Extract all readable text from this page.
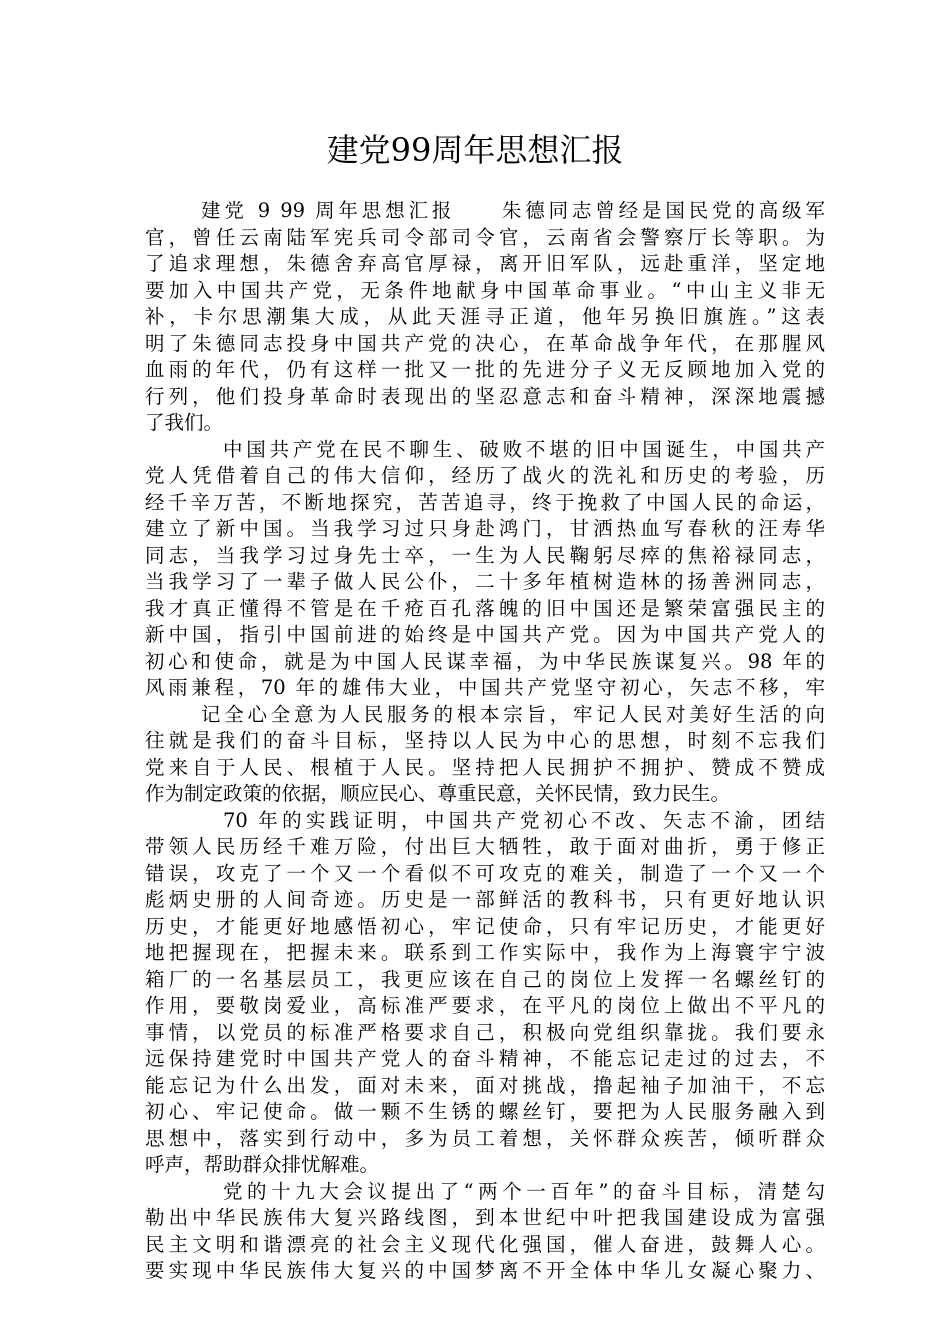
建党99周年思想汇报
建党 9 99 周年思想汇报　　朱德同志曾经是国民党的高级军
官，曾任云南陆军宪兵司令部司令官，云南省会警察厅长等职。为
了追求理想，朱德舍弃高官厚禄，离开旧军队，远赴重洋，坚定地
要加入中国共产党，无条件地献身中国革命事业。“中山主义非无
补，卡尔思潮集大成，从此天涯寻正道，他年另换旧旗旌。”这表
明了朱德同志投身中国共产党的决心，在革命战争年代，在那腥风
血雨的年代，仍有这样一批又一批的先进分子义无反顾地加入党的
行列，他们投身革命时表现出的坚忍意志和奋斗精神，深深地震撼
了我们。
中国共产党在民不聊生、破败不堪的旧中国诞生，中国共产
党人凭借着自己的伟大信仰，经历了战火的洗礼和历史的考验，历
经千辛万苦，不断地探究，苦苦追寻，终于挽救了中国人民的命运，
建立了新中国。当我学习过只身赴鸿门，甘洒热血写春秋的汪寿华
同志，当我学习过身先士卒，一生为人民鞠躬尽瘁的焦裕禄同志，
当我学习了一辈子做人民公仆，二十多年植树造林的扬善洲同志，
我才真正懂得不管是在千疮百孔落魄的旧中国还是繁荣富强民主的
新中国，指引中国前进的始终是中国共产党。因为中国共产党人的
初心和使命，就是为中国人民谋幸福，为中华民族谋复兴。98 年的
风雨兼程，70 年的雄伟大业，中国共产党坚守初心，矢志不移，牢
记全心全意为人民服务的根本宗旨，牢记人民对美好生活的向
往就是我们的奋斗目标，坚持以人民为中心的思想，时刻不忘我们
党来自于人民、根植于人民。坚持把人民拥护不拥护、赞成不赞成
作为制定政策的依据，顺应民心、尊重民意，关怀民情，致力民生。
70 年的实践证明，中国共产党初心不改、矢志不渝，团结
带领人民历经千难万险，付出巨大牺牲，敢于面对曲折，勇于修正
错误，攻克了一个又一个看似不可攻克的难关，制造了一个又一个
彪炳史册的人间奇迹。历史是一部鲜活的教科书，只有更好地认识
历史，才能更好地感悟初心，牢记使命，只有牢记历史，才能更好
地把握现在，把握未来。联系到工作实际中，我作为上海寰宇宁波
箱厂的一名基层员工，我更应该在自己的岗位上发挥一名螺丝钉的
作用，要敬岗爱业，高标准严要求，在平凡的岗位上做出不平凡的
事情，以党员的标准严格要求自己，积极向党组织靠拢。我们要永
远保持建党时中国共产党人的奋斗精神，不能忘记走过的过去，不
能忘记为什么出发，面对未来，面对挑战，撸起袖子加油干，不忘
初心、牢记使命。做一颗不生锈的螺丝钉，要把为人民服务融入到
思想中，落实到行动中，多为员工着想，关怀群众疾苦，倾听群众
呼声，帮助群众排忧解难。
党的十九大会议提出了“两个一百年”的奋斗目标，清楚勾
勒出中华民族伟大复兴路线图，到本世纪中叶把我国建设成为富强
民主文明和谐漂亮的社会主义现代化强国，催人奋进，鼓舞人心。
要实现中华民族伟大复兴的中国梦离不开全体中华儿女凝心聚力、
